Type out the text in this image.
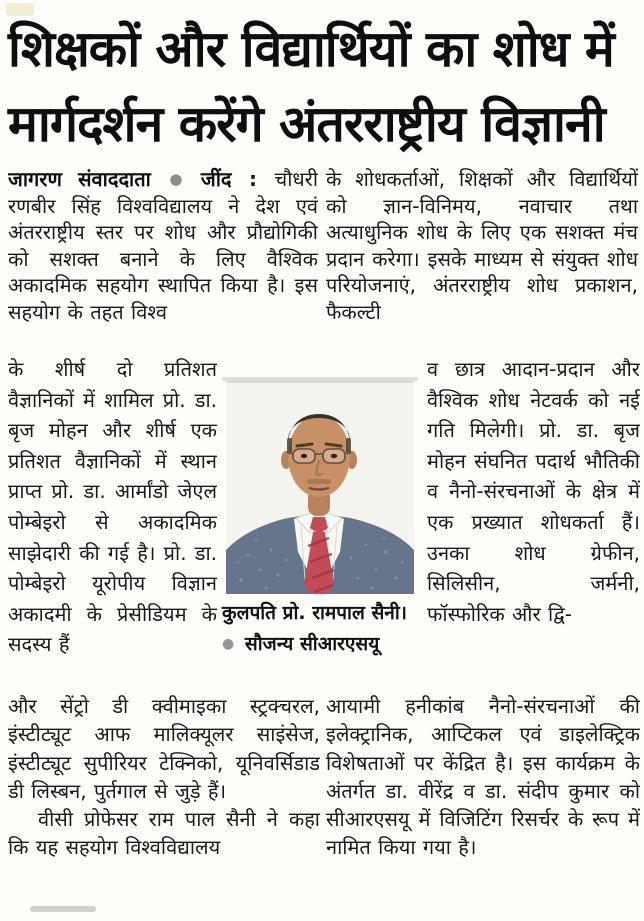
शिक्षकों और विद्यार्थियों का शोध में
मार्गदर्शन करेंगे अंतरराष्ट्रीय विज्ञानी
जागरण संवाददाता ● जींद : चौधरी रणबीर सिंह विश्वविद्यालय ने देश एवं अंतरराष्ट्रीय स्तर पर शोध और प्रौद्योगिकी को सशक्त बनाने के लिए वैश्विक अकादमिक सहयोग स्थापित किया है। इस सहयोग के तहत विश्व
के शोधकर्ताओं, शिक्षकों और विद्यार्थियों को ज्ञान-विनिमय, नवाचार तथा अत्याधुनिक शोध के लिए एक सशक्त मंच प्रदान करेगा। इसके माध्यम से संयुक्त शोध परियोजनाएं, अंतरराष्ट्रीय शोध प्रकाशन, फैकल्टी
के शीर्ष दो प्रतिशत वैज्ञानिकों में शामिल प्रो. डा. बृज मोहन और शीर्ष एक प्रतिशत वैज्ञानिकों में स्थान प्राप्त प्रो. डा. आर्मांडो जेएल पोम्बेइरो से अकादमिक साझेदारी की गई है। प्रो. डा. पोम्बेइरो यूरोपीय विज्ञान अकादमी के प्रेसीडियम के सदस्य हैं
व छात्र आदान-प्रदान और वैश्विक शोध नेटवर्क को नई गति मिलेगी। प्रो. डा. बृज मोहन संघनित पदार्थ भौतिकी व नैनो-संरचनाओं के क्षेत्र में एक प्रख्यात शोधकर्ता हैं। उनका शोध ग्रेफीन, सिलिसीन, जर्मनी, फॉस्फोरिक और द्वि-

और सेंट्रो डी क्वीमाइका स्ट्रक्चरल, इंस्टीट्यूट आफ मालिक्यूलर साइंसेज, इंस्टीट्यूट सुपीरियर टेक्निको, यूनिवर्सिडाड डी लिस्बन, पुर्तगाल से जुड़े हैं।

वीसी प्रोफेसर राम पाल सैनी ने कहा कि यह सहयोग विश्वविद्यालय

आयामी हनीकांब नैनो-संरचनाओं की इलेक्ट्रानिक, आप्टिकल एवं डाइलेक्ट्रिक विशेषताओं पर केंद्रित है। इस कार्यक्रम के अंतर्गत डा. वीरेंद्र व डा. संदीप कुमार को सीआरएसयू में विजिटिंग रिसर्चर के रूप में नामित किया गया है।
कुलपति प्रो. रामपाल सैनी।
● सौजन्य सीआरएसयू
